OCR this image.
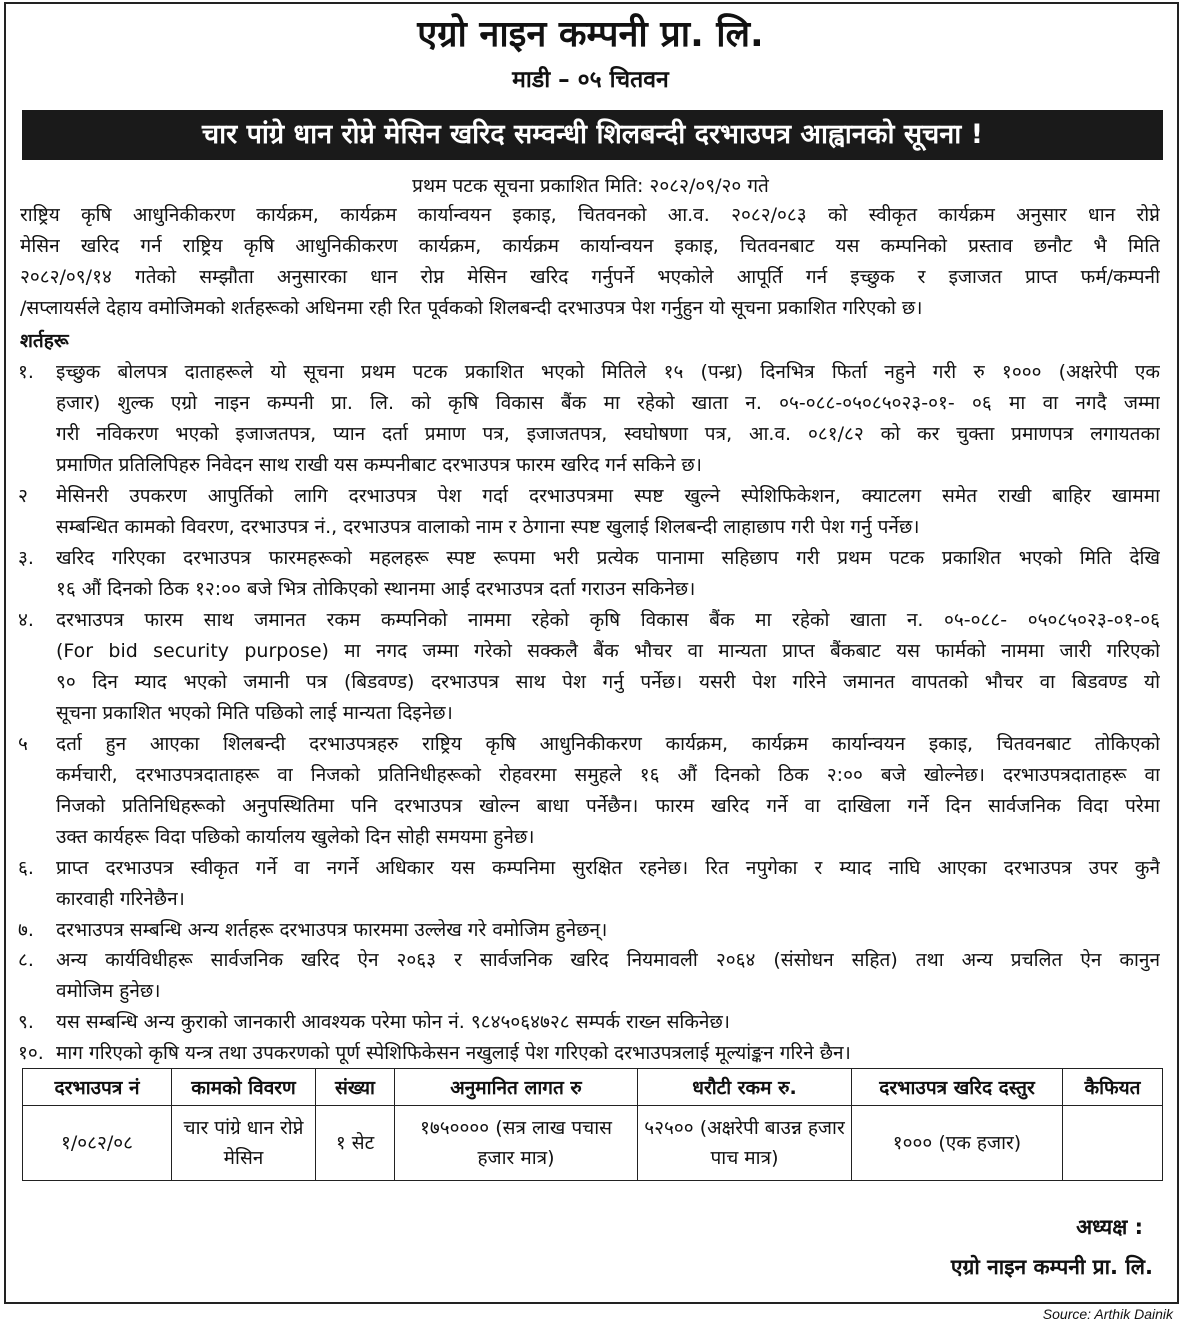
एग्रो नाइन कम्पनी प्रा. लि.
माडी – ०५ चितवन
चार पांग्रे धान रोप्ने मेसिन खरिद सम्वन्धी शिलबन्दी दरभाउपत्र आह्वानको सूचना !
प्रथम पटक सूचना प्रकाशित मिति: २०८२/०९/२० गते
राष्ट्रिय कृषि आधुनिकीकरण कार्यक्रम, कार्यक्रम कार्यान्वयन इकाइ, चितवनको आ.व. २०८२/०८३ को स्वीकृत कार्यक्रम अनुसार धान रोप्ने
मेसिन खरिद गर्न राष्ट्रिय कृषि आधुनिकीकरण कार्यक्रम, कार्यक्रम कार्यान्वयन इकाइ, चितवनबाट यस कम्पनिको प्रस्ताव छनौट भै मिति
२०८२/०९/१४ गतेको सम्झौता अनुसारका धान रोप्न मेसिन खरिद गर्नुपर्ने भएकोले आपूर्ति गर्न इच्छुक र इजाजत प्राप्त फर्म/कम्पनी
/सप्लायर्सले देहाय वमोजिमको शर्तहरूको अधिनमा रही रित पूर्वकको शिलबन्दी दरभाउपत्र पेश गर्नुहुन यो सूचना प्रकाशित गरिएको छ।
शर्तहरू
१. इच्छुक बोलपत्र दाताहरूले यो सूचना प्रथम पटक प्रकाशित भएको मितिले १५ (पन्ध्र) दिनभित्र फिर्ता नहुने गरी रु १००० (अक्षरेपी एक
हजार) शुल्क एग्रो नाइन कम्पनी प्रा. लि. को कृषि विकास बैंक मा रहेको खाता न. ०५-०८८-०५०८५०२३-०१- ०६ मा वा नगदै जम्मा
गरी नविकरण भएको इजाजतपत्र, प्यान दर्ता प्रमाण पत्र, इजाजतपत्र, स्वघोषणा पत्र, आ.व. ०८१/८२ को कर चुक्ता प्रमाणपत्र लगायतका
प्रमाणित प्रतिलिपिहरु निवेदन साथ राखी यस कम्पनीबाट दरभाउपत्र फारम खरिद गर्न सकिने छ।
२ मेसिनरी उपकरण आपुर्तिको लागि दरभाउपत्र पेश गर्दा दरभाउपत्रमा स्पष्ट खुल्ने स्पेशिफिकेशन, क्याटलग समेत राखी बाहिर खाममा
सम्बन्धित कामको विवरण, दरभाउपत्र नं., दरभाउपत्र वालाको नाम र ठेगाना स्पष्ट खुलाई शिलबन्दी लाहाछाप गरी पेश गर्नु पर्नेछ।
३. खरिद गरिएका दरभाउपत्र फारमहरूको महलहरू स्पष्ट रूपमा भरी प्रत्येक पानामा सहिछाप गरी प्रथम पटक प्रकाशित भएको मिति देखि
१६ औं दिनको ठिक १२:०० बजे भित्र तोकिएको स्थानमा आई दरभाउपत्र दर्ता गराउन सकिनेछ।
४. दरभाउपत्र फारम साथ जमानत रकम कम्पनिको नाममा रहेको कृषि विकास बैंक मा रहेको खाता न. ०५-०८८- ०५०८५०२३-०१-०६
(For bid security purpose) मा नगद जम्मा गरेको सक्कलै बैंक भौचर वा मान्यता प्राप्त बैंकबाट यस फार्मको नाममा जारी गरिएको
९० दिन म्याद भएको जमानी पत्र (बिडवण्ड) दरभाउपत्र साथ पेश गर्नु पर्नेछ। यसरी पेश गरिने जमानत वापतको भौचर वा बिडवण्ड यो
सूचना प्रकाशित भएको मिति पछिको लाई मान्यता दिइनेछ।
५ दर्ता हुन आएका शिलबन्दी दरभाउपत्रहरु राष्ट्रिय कृषि आधुनिकीकरण कार्यक्रम, कार्यक्रम कार्यान्वयन इकाइ, चितवनबाट तोकिएको
कर्मचारी, दरभाउपत्रदाताहरू वा निजको प्रतिनिधीहरूको रोहवरमा समुहले १६ औं दिनको ठिक २:०० बजे खोल्नेछ। दरभाउपत्रदाताहरू वा
निजको प्रतिनिधिहरूको अनुपस्थितिमा पनि दरभाउपत्र खोल्न बाधा पर्नेछैन। फारम खरिद गर्ने वा दाखिला गर्ने दिन सार्वजनिक विदा परेमा
उक्त कार्यहरू विदा पछिको कार्यालय खुलेको दिन सोही समयमा हुनेछ।
६. प्राप्त दरभाउपत्र स्वीकृत गर्ने वा नगर्ने अधिकार यस कम्पनिमा सुरक्षित रहनेछ। रित नपुगेका र म्याद नाघि आएका दरभाउपत्र उपर कुनै
कारवाही गरिनेछैन।
७. दरभाउपत्र सम्बन्धि अन्य शर्तहरू दरभाउपत्र फारममा उल्लेख गरे वमोजिम हुनेछन्।
८. अन्य कार्यविधीहरू सार्वजनिक खरिद ऐन २०६३ र सार्वजनिक खरिद नियमावली २०६४ (संसोधन सहित) तथा अन्य प्रचलित ऐन कानुन
वमोजिम हुनेछ।
९. यस सम्बन्धि अन्य कुराको जानकारी आवश्यक परेमा फोन नं. ९८४५०६४७२८ सम्पर्क राख्न सकिनेछ।
१०. माग गरिएको कृषि यन्त्र तथा उपकरणको पूर्ण स्पेशिफिकेसन नखुलाई पेश गरिएको दरभाउपत्रलाई मूल्यांङ्कन गरिने छैन।
दरभाउपत्र नं	कामको विवरण	संख्या	अनुमानित लागत रु	धरौटी रकम रु.	दरभाउपत्र खरिद दस्तुर	कैफियत
१/०८२/०८	चार पांग्रे धान रोप्ने मेसिन	१ सेट	१७५०००० (सत्र लाख पचास हजार मात्र)	५२५०० (अक्षरेपी बाउन्न हजार पाच मात्र)	१००० (एक हजार)	
अध्यक्ष :
एग्रो नाइन कम्पनी प्रा. लि.
Source: Arthik Dainik
